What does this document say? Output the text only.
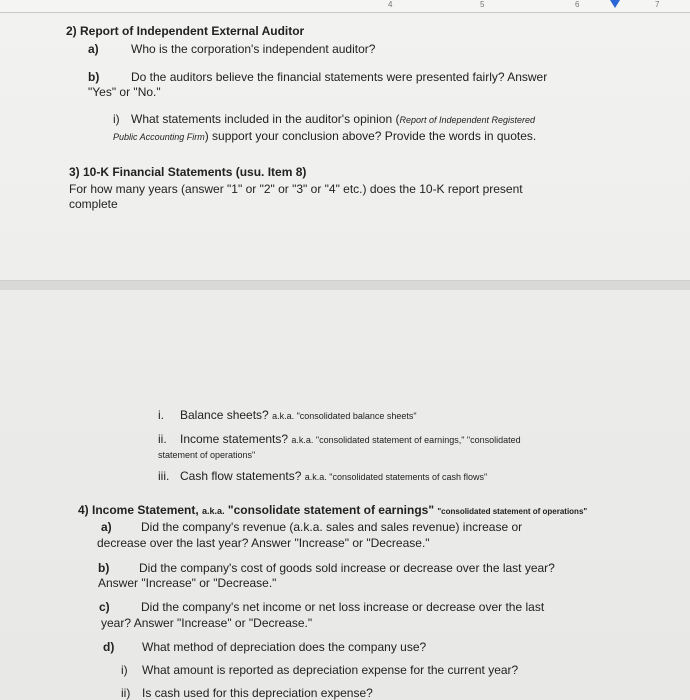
4	5	6	7
2) Report of Independent External Auditor
a)	Who is the corporation's independent auditor?
b)	Do the auditors believe the financial statements were presented fairly? Answer
"Yes" or "No."
i) What statements included in the auditor's opinion (Report of Independent Registered
Public Accounting Firm) support your conclusion above? Provide the words in quotes.
3) 10-K Financial Statements (usu. Item 8)
For how many years (answer "1" or "2" or "3" or "4" etc.) does the 10-K report present
complete
i. Balance sheets? a.k.a. "consolidated balance sheets"
ii. Income statements? a.k.a. "consolidated statement of earnings," "consolidated
statement of operations"
iii. Cash flow statements? a.k.a. "consolidated statements of cash flows"
4) Income Statement, a.k.a. "consolidate statement of earnings" "consolidated statement of operations"
a) Did the company's revenue (a.k.a. sales and sales revenue) increase or
decrease over the last year? Answer "Increase" or "Decrease."
b) Did the company's cost of goods sold increase or decrease over the last year?
Answer "Increase" or "Decrease."
c)	Did the company's net income or net loss increase or decrease over the last
year? Answer "Increase" or "Decrease."
d) What method of depreciation does the company use?
i) What amount is reported as depreciation expense for the current year?
ii) Is cash used for this depreciation expense?
